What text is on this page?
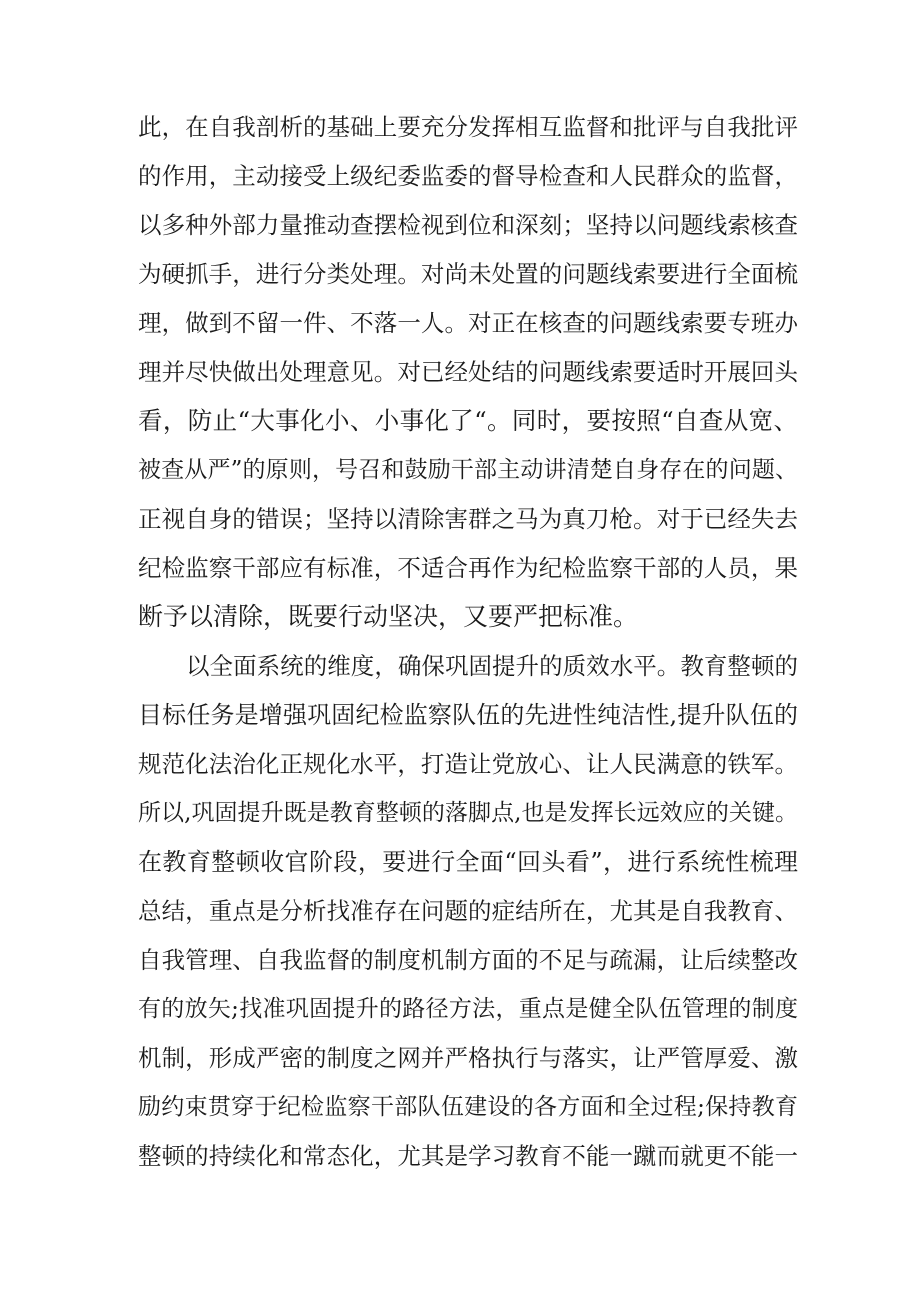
此，在自我剖析的基础上要充分发挥相互监督和批评与自我批评
的作用，主动接受上级纪委监委的督导检查和人民群众的监督，
以多种外部力量推动查摆检视到位和深刻；坚持以问题线索核查
为硬抓手，进行分类处理。对尚未处置的问题线索要进行全面梳
理，做到不留一件、不落一人。对正在核查的问题线索要专班办
理并尽快做出处理意见。对已经处结的问题线索要适时开展回头
看，防止“大事化小、小事化了“。同时，要按照“自查从宽、
被查从严”的原则，号召和鼓励干部主动讲清楚自身存在的问题、
正视自身的错误；坚持以清除害群之马为真刀枪。对于已经失去
纪检监察干部应有标准，不适合再作为纪检监察干部的人员，果
断予以清除，既要行动坚决，又要严把标准。
以全面系统的维度，确保巩固提升的质效水平。教育整顿的
目标任务是增强巩固纪检监察队伍的先进性纯洁性,提升队伍的
规范化法治化正规化水平，打造让党放心、让人民满意的铁军。
所以,巩固提升既是教育整顿的落脚点,也是发挥长远效应的关键。
在教育整顿收官阶段，要进行全面“回头看”，进行系统性梳理
总结，重点是分析找准存在问题的症结所在，尤其是自我教育、
自我管理、自我监督的制度机制方面的不足与疏漏，让后续整改
有的放矢;找准巩固提升的路径方法，重点是健全队伍管理的制度
机制，形成严密的制度之网并严格执行与落实，让严管厚爱、激
励约束贯穿于纪检监察干部队伍建设的各方面和全过程;保持教育
整顿的持续化和常态化，尤其是学习教育不能一蹴而就更不能一
